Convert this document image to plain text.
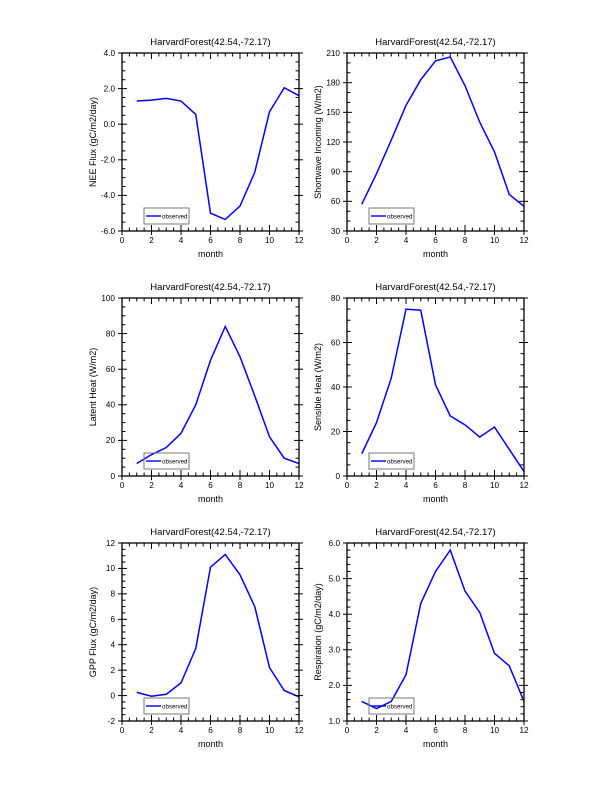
HarvardForest(42.54,-72.17)
0	2	4	6	8	10 12
-6.0
-4.0
-2.0
0.0
2.0
4.0
month
NEE Flux (gC/m2/day)
observed
HarvardForest(42.54,-72.17)
0	2	4	6	8	10 12
30
60
90
120
150
180
210
month
Shortwave Incoming (W/m2)
observed
HarvardForest(42.54,-72.17)
0	2	4	6	8	10 12
0
20
40
60
80
100
month
Latent Heat (W/m2)
observed
HarvardForest(42.54,-72.17)
0	2	4	6	8	10 12
0
20
40
60
80
month
Sensible Heat (W/m2)
observed
HarvardForest(42.54,-72.17)
0	2	4	6	8	10 12
-2
0
2
4
6
8
10
12
month
GPP Flux (gC/m2/day)
observed
HarvardForest(42.54,-72.17)
0	2	4	6	8	10 12
1.0
2.0
3.0
4.0
5.0
6.0
month
Respiration (gC/m2/day)
observed
